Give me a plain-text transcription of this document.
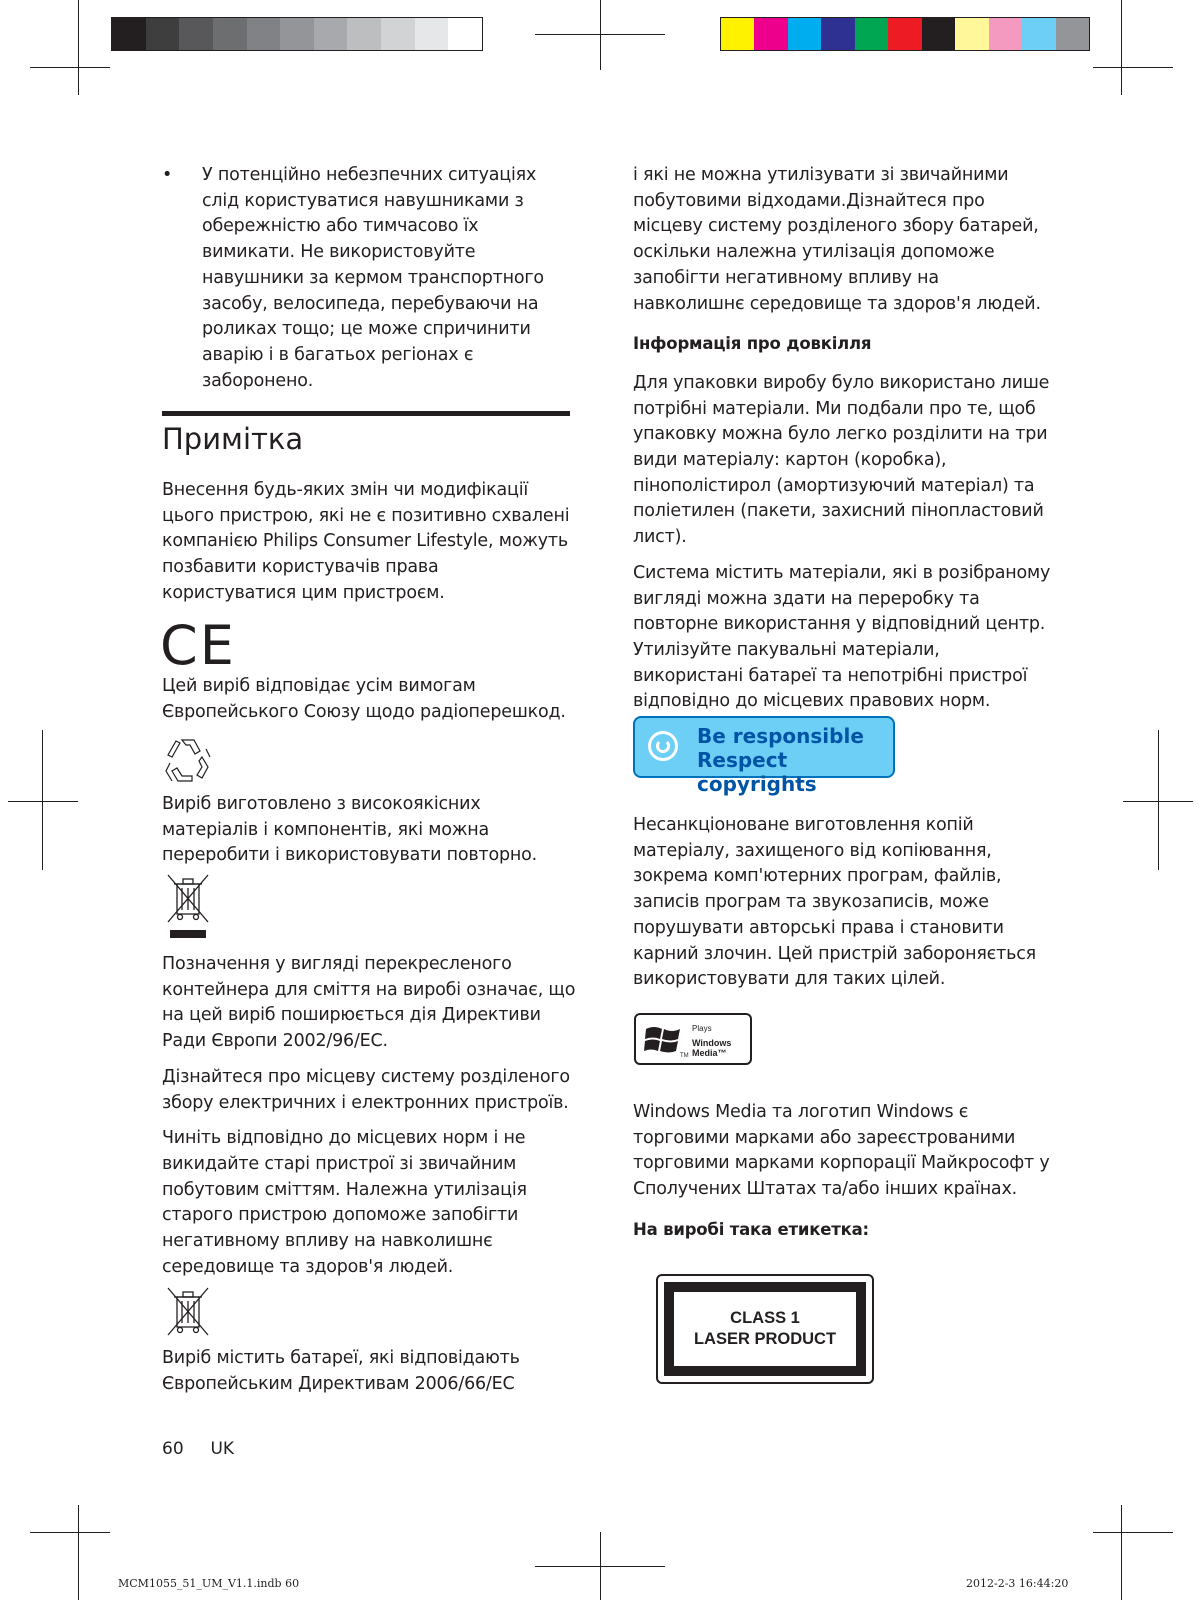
•	У потенційно небезпечних ситуаціях слід користуватися навушниками з обережністю або тимчасово їх вимикати. Не використовуйте навушники за кермом транспортного засобу, велосипеда, перебуваючи на роликах тощо; це може спричинити аварію і в багатьох регіонах є заборонено.
Примітка

Внесення будь-яких змін чи модифікації цього пристрою, які не є позитивно схвалені компанією Philips Consumer Lifestyle, можуть позбавити користувачів права користуватися цим пристроєм.

CE

Цей виріб відповідає усім вимогам Європейського Союзу щодо радіоперешкод.

Виріб виготовлено з високоякісних матеріалів і компонентів, які можна переробити і використовувати повторно.

Позначення у вигляді перекресленого контейнера для сміття на виробі означає, що на цей виріб поширюється дія Директиви Ради Європи 2002/96/EC.

Дізнайтеся про місцеву систему розділеного збору електричних і електронних пристроїв.

Чиніть відповідно до місцевих норм і не викидайте старі пристрої зі звичайним побутовим сміттям. Належна утилізація старого пристрою допоможе запобігти негативному впливу на навколишнє середовище та здоров'я людей.

Виріб містить батареї, які відповідають Європейським Директивам 2006/66/EC

60 UK

і які не можна утилізувати зі звичайними побутовими відходами.Дізнайтеся про місцеву систему розділеного збору батарей, оскільки належна утилізація допоможе запобігти негативному впливу на навколишнє середовище та здоров'я людей.

Інформація про довкілля

Для упаковки виробу було використано лише потрібні матеріали. Ми подбали про те, щоб упаковку можна було легко розділити на три види матеріалу: картон (коробка), пінополістирол (амортизуючий матеріал) та поліетилен (пакети, захисний пінопластовий лист).

Система містить матеріали, які в розібраному вигляді можна здати на переробку та повторне використання у відповідний центр. Утилізуйте пакувальні матеріали, використані батареї та непотрібні пристрої відповідно до місцевих правових норм.

Be responsible
Respect copyrights

Несанкціоноване виготовлення копій матеріалу, захищеного від копіювання, зокрема комп'ютерних програм, файлів, записів програм та звукозаписів, може порушувати авторські права і становити карний злочин. Цей пристрій забороняється використовувати для таких цілей.

Plays
Windows
Media™
TM

Windows Media та логотип Windows є торговими марками або зареєстрованими торговими марками корпорації Майкрософт у Сполучених Штатах та/або інших країнах.

На виробі така етикетка:

CLASS 1
LASER PRODUCT
MCM1055_51_UM_V1.1.indb 60	2012-2-3 16:44:20
